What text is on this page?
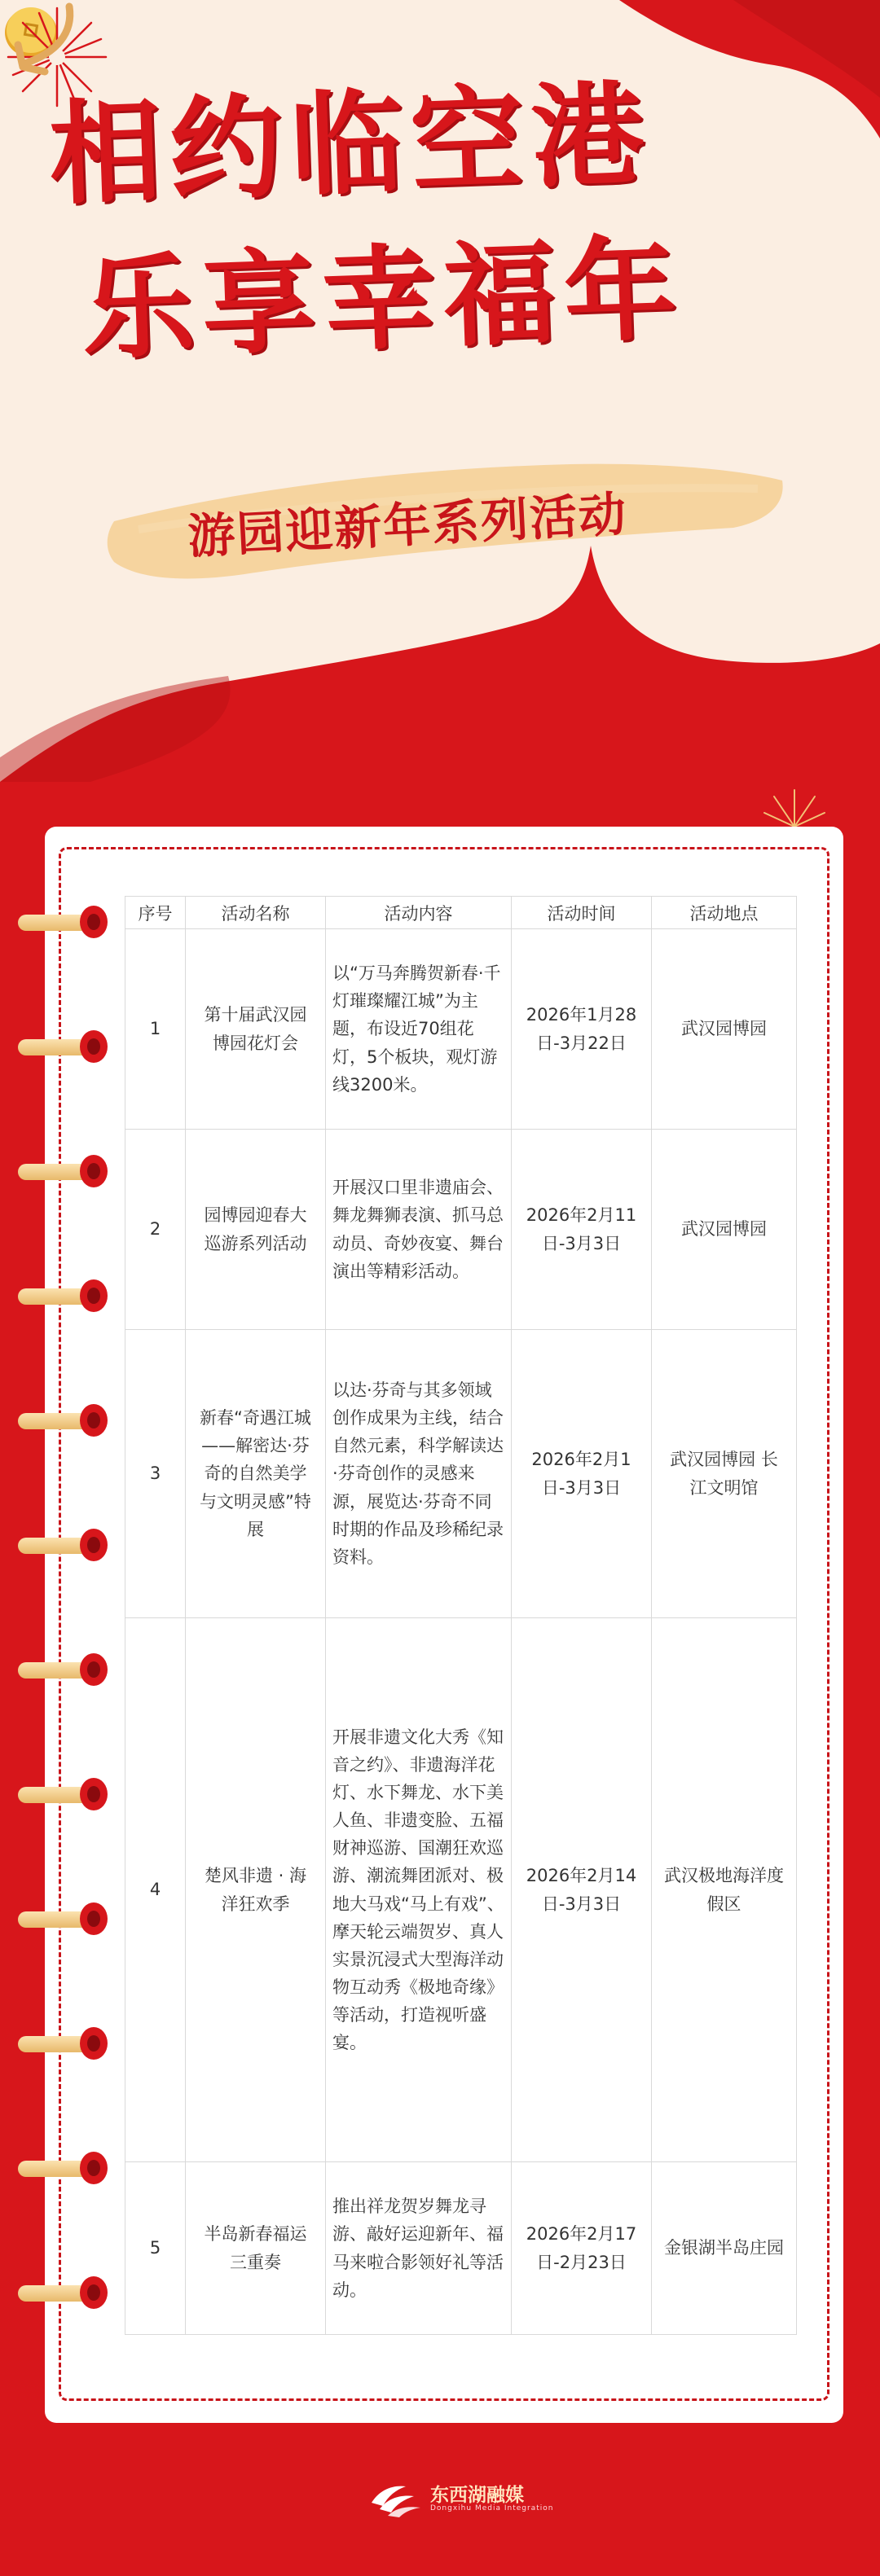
相约临空港
乐享幸福年
游园迎新年系列活动
序号	活动名称	活动内容	活动时间	活动地点
1	第十届武汉园博园花灯会	以“万马奔腾贺新春·千灯璀璨耀江城”为主题，布设近70组花灯，5个板块，观灯游线3200米。	2026年1月28日-3月22日	武汉园博园
2	园博园迎春大巡游系列活动	开展汉口里非遗庙会、舞龙舞狮表演、抓马总动员、奇妙夜宴、舞台演出等精彩活动。	2026年2月11日-3月3日	武汉园博园
3	新春“奇遇江城——解密达·芬奇的自然美学与文明灵感”特展	以达·芬奇与其多领域创作成果为主线，结合自然元素，科学解读达·芬奇创作的灵感来源，展览达·芬奇不同时期的作品及珍稀纪录资料。	2026年2月1日-3月3日	武汉园博园 长江文明馆
4	楚风非遗 · 海洋狂欢季	开展非遗文化大秀《知音之约》、非遗海洋花灯、水下舞龙、水下美人鱼、非遗变脸、五福财神巡游、国潮狂欢巡游、潮流舞团派对、极地大马戏“马上有戏”、摩天轮云端贺岁、真人实景沉浸式大型海洋动物互动秀《极地奇缘》等活动，打造视听盛宴。	2026年2月14日-3月3日	武汉极地海洋度假区
5	半岛新春福运三重奏	推出祥龙贺岁舞龙寻游、敲好运迎新年、福马来啦合影领好礼等活动。	2026年2月17日-2月23日	金银湖半岛庄园
东西湖融媒
Dongxihu Media Integration
